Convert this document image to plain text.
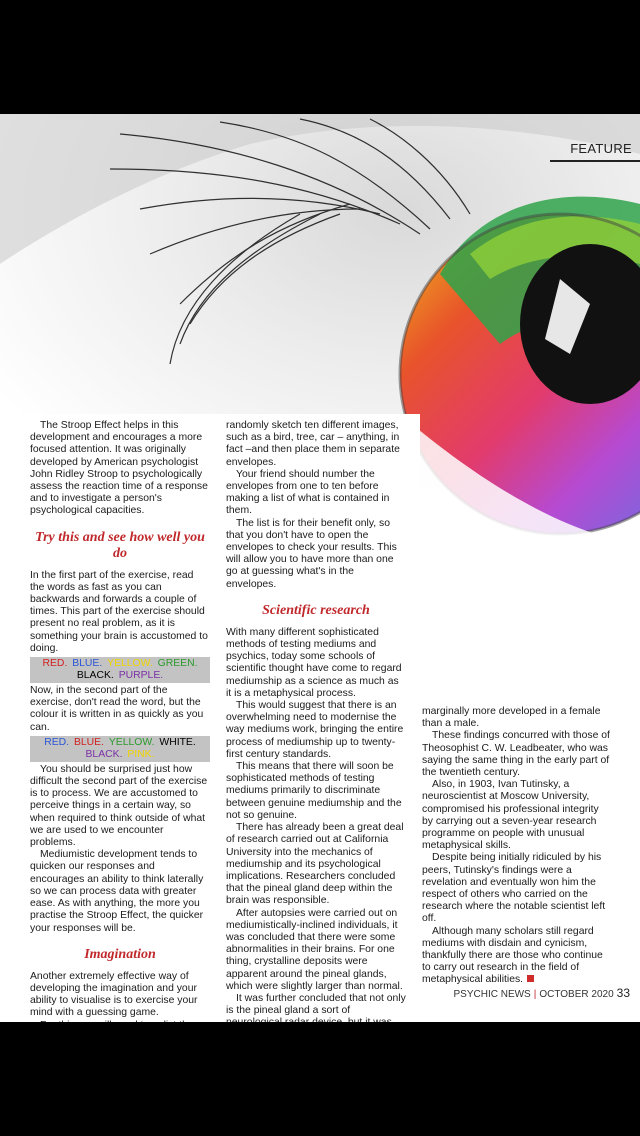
FEATURE

The Stroop Effect helps in this development and encourages a more focused attention. It was originally developed by American psychologist John Ridley Stroop to psychologically assess the reaction time of a response and to investigate a person's psychological capacities.

Try this and see how well you do

In the first part of the exercise, read the words as fast as you can backwards and forwards a couple of times. This part of the exercise should present no real problem, as it is something your brain is accustomed to doing.

RED. BLUE. YELLOW. GREEN. BLACK. PURPLE.

Now, in the second part of the exercise, don't read the word, but the colour it is written in as quickly as you can.

RED. BLUE. YELLOW. WHITE. BLACK. PINK.

You should be surprised just how difficult the second part of the exercise is to process. We are accustomed to perceive things in a certain way, so when required to think outside of what we are used to we encounter problems.

Mediumistic development tends to quicken our responses and encourages an ability to think laterally so we can process data with greater ease. As with anything, the more you practise the Stroop Effect, the quicker your responses will be.

Imagination

Another extremely effective way of developing the imagination and your ability to visualise is to exercise your mind with a guessing game.

randomly sketch ten different images, such as a bird, tree, car – anything, in fact –and then place them in separate envelopes.

Your friend should number the envelopes from one to ten before making a list of what is contained in them.

The list is for their benefit only, so that you don't have to open the envelopes to check your results. This will allow you to have more than one go at guessing what's in the envelopes.

Scientific research

With many different sophisticated methods of testing mediums and psychics, today some schools of scientific thought have come to regard mediumship as a science as much as it is a metaphysical process.

This would suggest that there is an overwhelming need to modernise the way mediums work, bringing the entire process of mediumship up to twenty-first century standards.

This means that there will soon be sophisticated methods of testing mediums primarily to discriminate between genuine mediumship and the not so genuine.

There has already been a great deal of research carried out at California University into the mechanics of mediumship and its psychological implications. Researchers concluded that the pineal gland deep within the brain was responsible.

After autopsies were carried out on mediumistically-inclined individuals, it was concluded that there were some abnormalities in their brains. For one thing, crystalline deposits were apparent around the pineal glands, which were slightly larger than normal.

It was further concluded that not only is the pineal gland a sort of

marginally more developed in a female than a male.

These findings concurred with those of Theosophist C. W. Leadbeater, who was saying the same thing in the early part of the twentieth century.

Also, in 1903, Ivan Tutinsky, a neuroscientist at Moscow University, compromised his professional integrity by carrying out a seven-year research programme on people with unusual metaphysical skills.

Despite being initially ridiculed by his peers, Tutinsky's findings were a revelation and eventually won him the respect of others who carried on the research where the notable scientist left off.

Although many scholars still regard mediums with disdain and cynicism, thankfully there are those who continue to carry out research in the field of metaphysical abilities.

PSYCHIC NEWS | OCTOBER 2020 33
